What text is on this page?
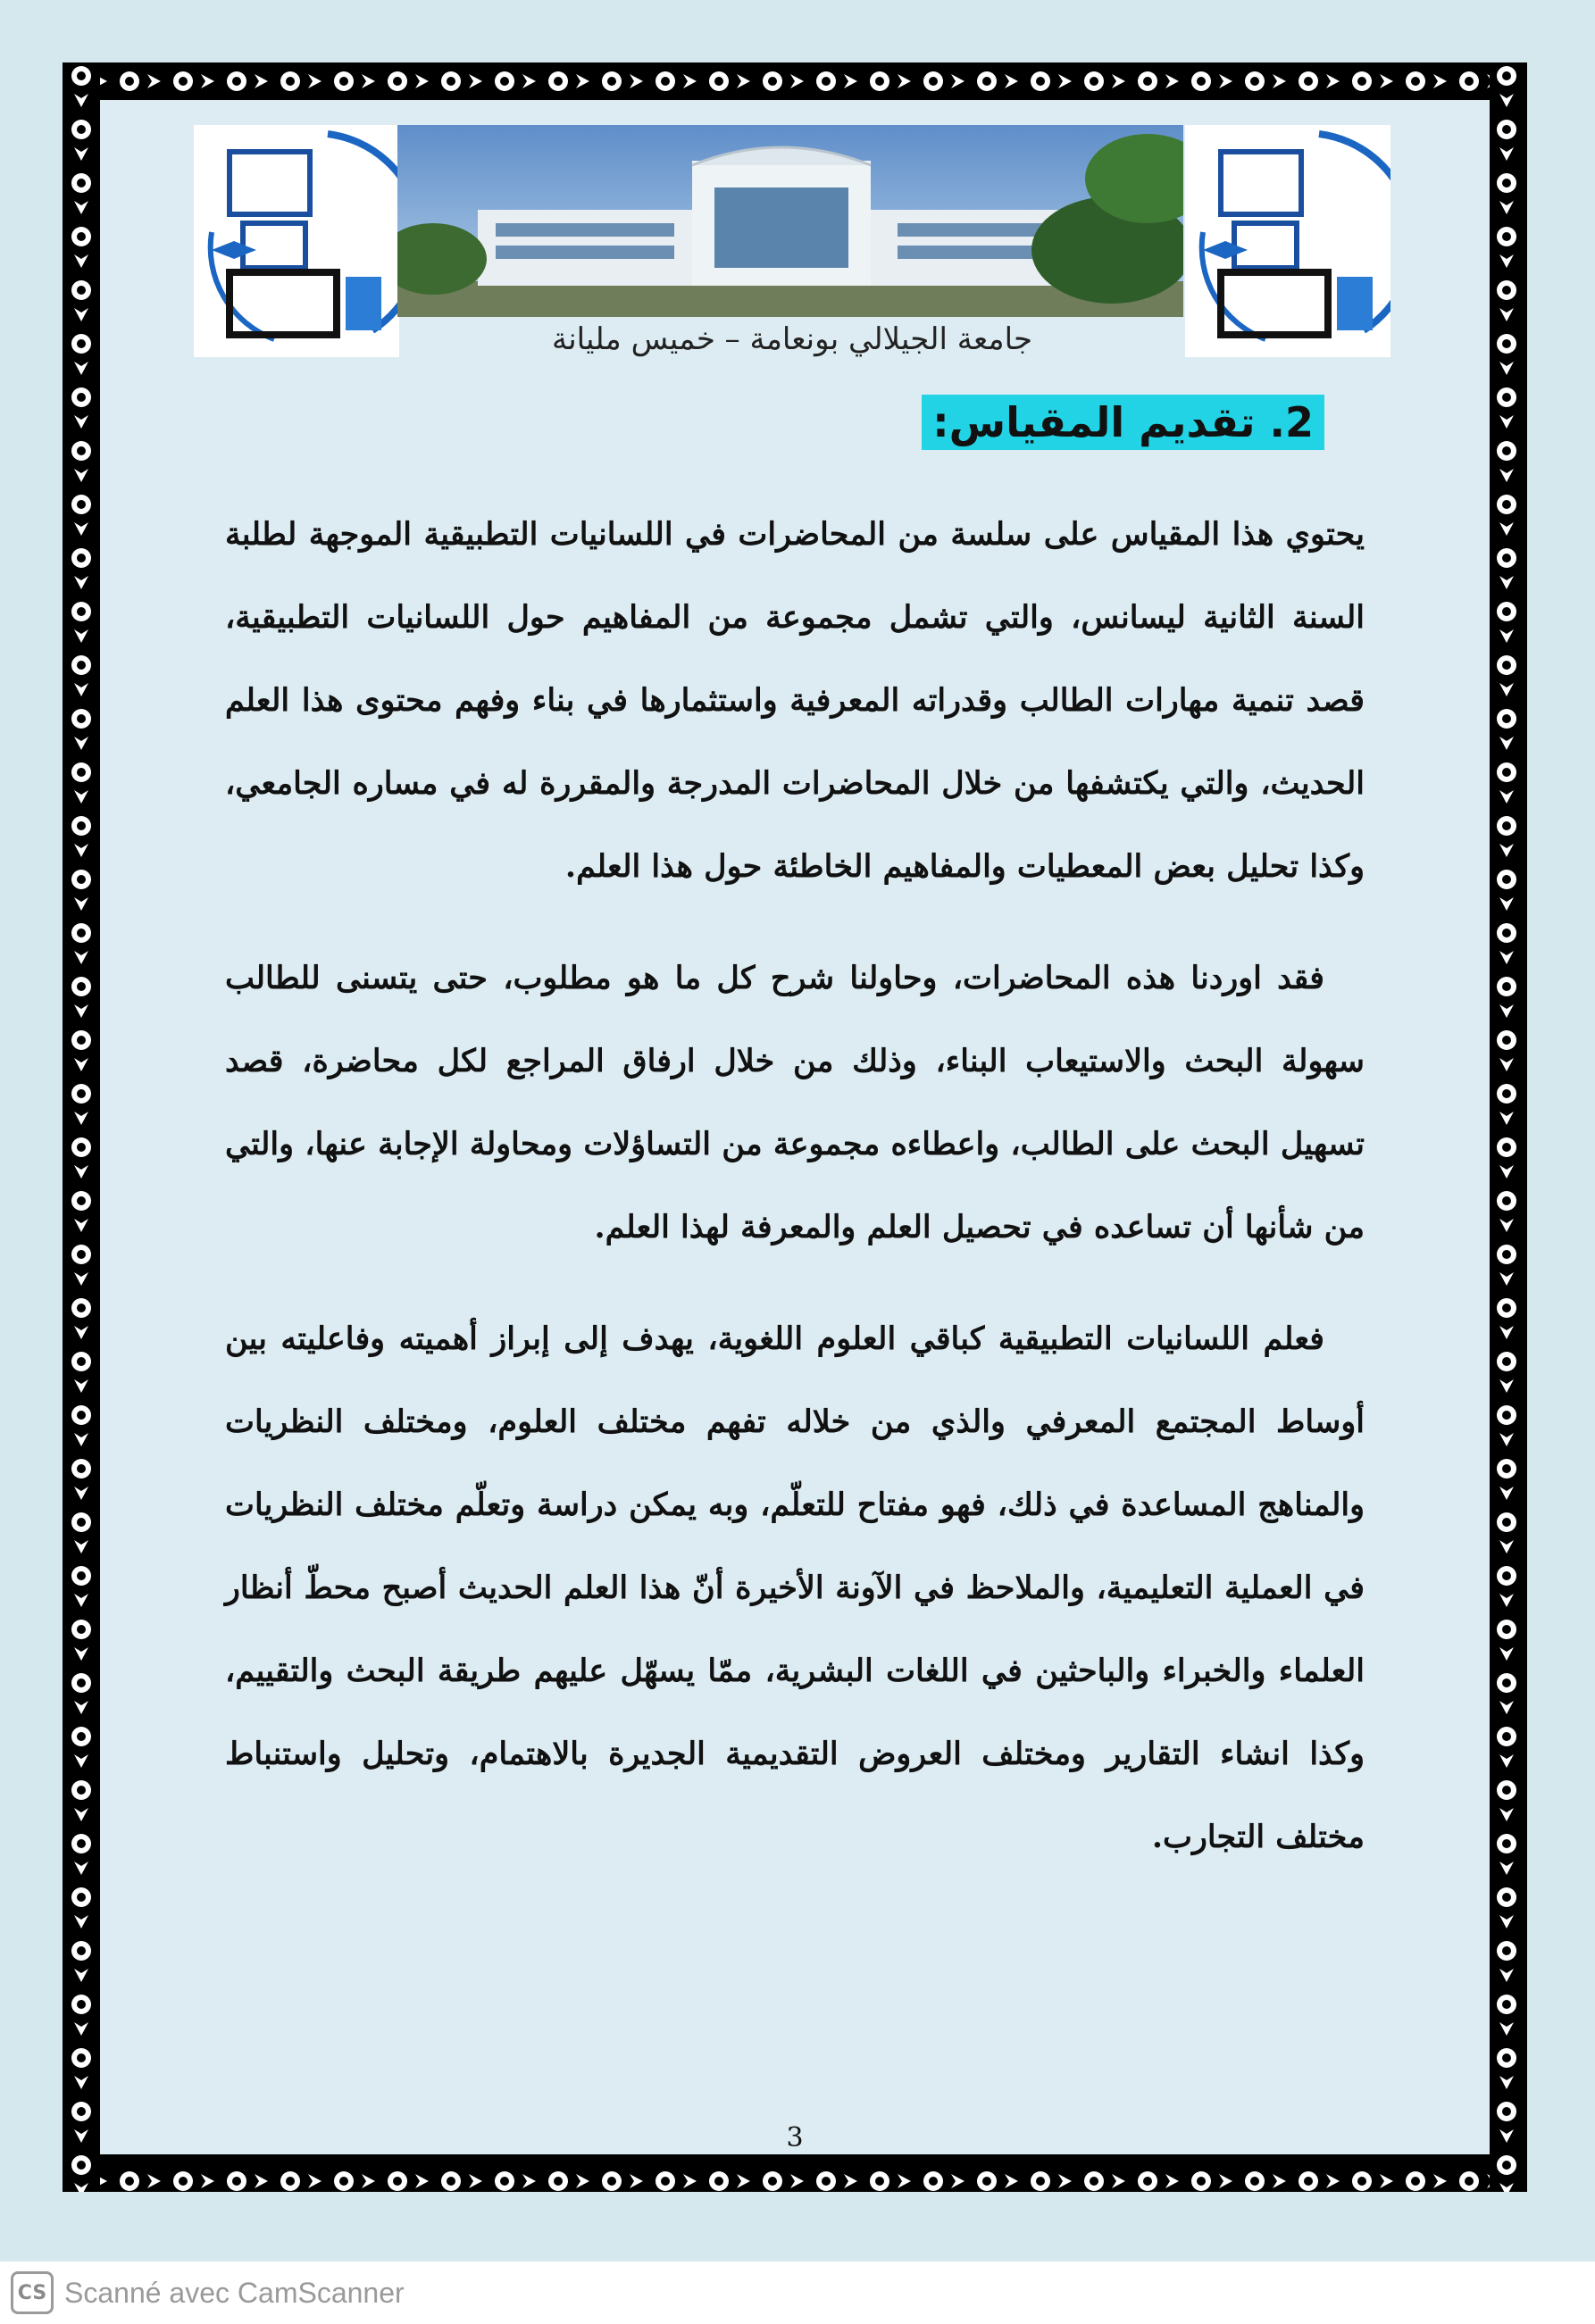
جامعة الجيلالي بونعامة – خميس مليانة
2. تقديم المقياس:

يحتوي هذا المقياس على سلسة من المحاضرات في اللسانيات التطبيقية الموجهة لطلبة السنة الثانية ليسانس، والتي تشمل مجموعة من المفاهيم حول اللسانيات التطبيقية، قصد تنمية مهارات الطالب وقدراته المعرفية واستثمارها في بناء وفهم محتوى هذا العلم الحديث، والتي يكتشفها من خلال المحاضرات المدرجة والمقررة له في مساره الجامعي، وكذا تحليل بعض المعطيات والمفاهيم الخاطئة حول هذا العلم.

فقد اوردنا هذه المحاضرات، وحاولنا شرح كل ما هو مطلوب، حتى يتسنى للطالب سهولة البحث والاستيعاب البناء، وذلك من خلال ارفاق المراجع لكل محاضرة، قصد تسهيل البحث على الطالب، واعطاءه مجموعة من التساؤلات ومحاولة الإجابة عنها، والتي من شأنها أن تساعده في تحصيل العلم والمعرفة لهذا العلم.

فعلم اللسانيات التطبيقية كباقي العلوم اللغوية، يهدف إلى إبراز أهميته وفاعليته بين أوساط المجتمع المعرفي والذي من خلاله تفهم مختلف العلوم، ومختلف النظريات والمناهج المساعدة في ذلك، فهو مفتاح للتعلّم، وبه يمكن دراسة وتعلّم مختلف النظريات في العملية التعليمية، والملاحظ في الآونة الأخيرة أنّ هذا العلم الحديث أصبح محطّ أنظار العلماء والخبراء والباحثين في اللغات البشرية، ممّا يسهّل عليهم طريقة البحث والتقييم، وكذا انشاء التقارير ومختلف العروض التقديمية الجديرة بالاهتمام، وتحليل واستنباط مختلف التجارب.

3
CS Scanné avec CamScanner
